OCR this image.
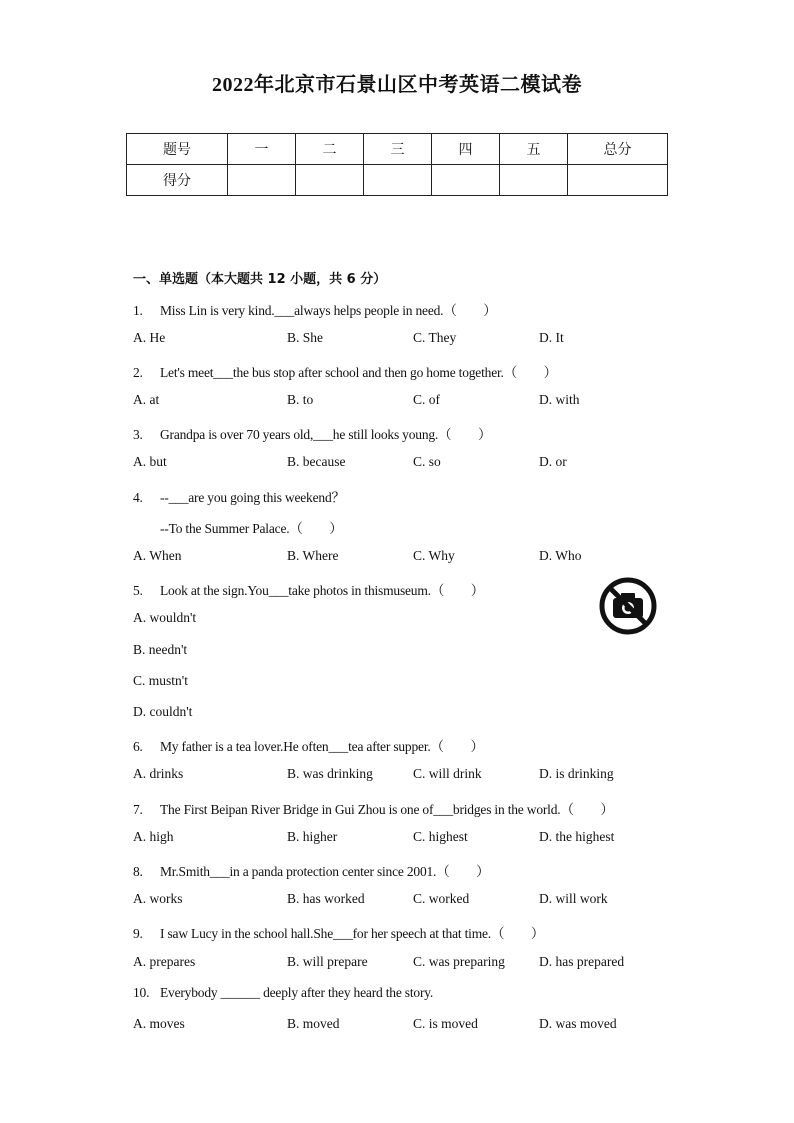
2022年北京市石景山区中考英语二模试卷
题号	一	二	三	四	五	总分
得分						
一、单选题（本大题共 12 小题，共 6 分）
1. Miss Lin is very kind.___always helps people in need.（　　）
A. He	B. She	C. They	D. It
2. Let's meet___the bus stop after school and then go home together.（　　）
A. at	B. to	C. of	D. with
3. Grandpa is over 70 years old,___he still looks young.（　　）
A. but	B. because	C. so	D. or
4. --___are you going this weekend？
--To the Summer Palace.（　　）
A. When	B. Where	C. Why	D. Who
5. Look at the sign.You___take photos in thismuseum.（　　）
A. wouldn't
B. needn't
C. mustn't
D. couldn't
6. My father is a tea lover.He often___tea after supper.（　　）
A. drinks	B. was drinking	C. will drink	D. is drinking
7. The First Beipan River Bridge in Gui Zhou is one of___bridges in the world.（　　）
A. high	B. higher	C. highest	D. the highest
8. Mr.Smith___in a panda protection center since 2001.（　　）
A. works	B. has worked	C. worked	D. will work
9. I saw Lucy in the school hall.She___for her speech at that time.（　　）
A. prepares	B. will prepare	C. was preparing	D. has prepared
10. Everybody ______ deeply after they heard the story.
A. moves	B. moved	C. is moved	D. was moved
